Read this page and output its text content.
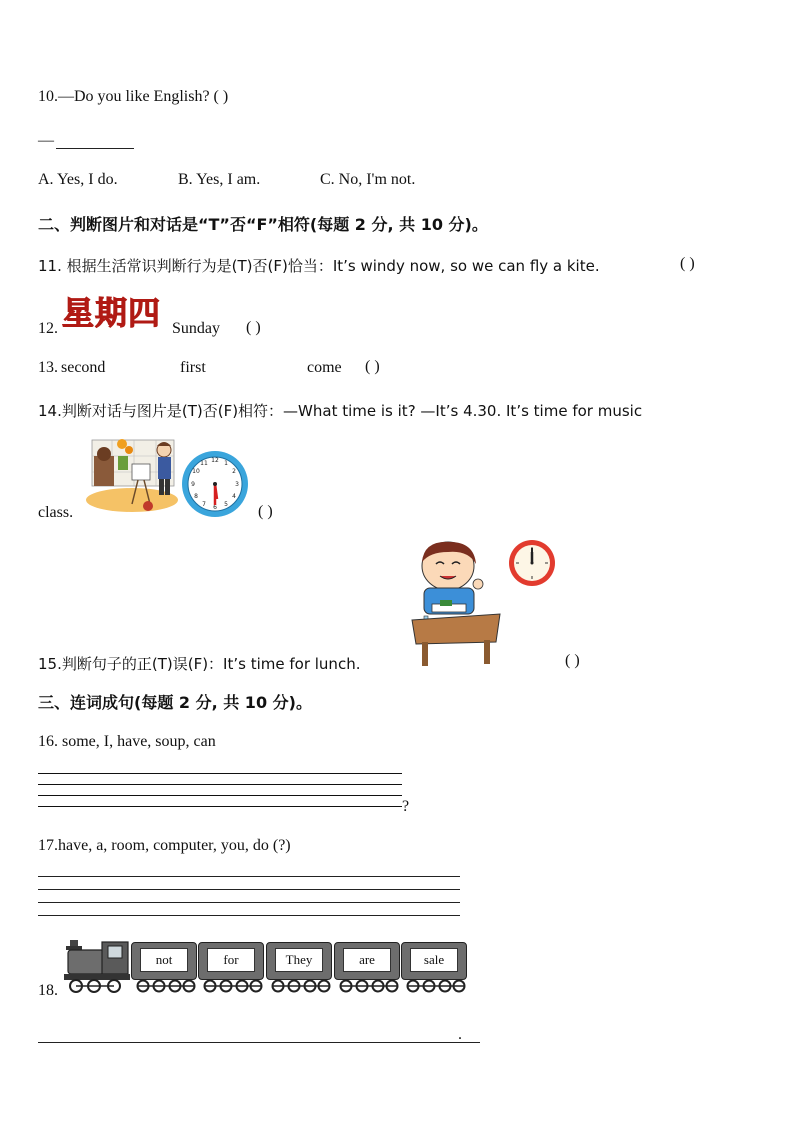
10.—Do you like English? ( )
—
A. Yes, I do.	B. Yes, I am.	C. No, I'm not.
二、判断图片和对话是“T”否“F”相符(每题 2 分, 共 10 分)。
11. 根据生活常识判断行为是(T)否(F)恰当：It’s windy now, so we can fly a kite.	( )
12. 星期四 Sunday ( )
13. second	first	come ( )
14.判断对话与图片是(T)否(F)相符：—What time is it? —It’s 4.30. It’s time for music
12 1
2
3
4
5
6
7
8
9
10
11
class.	( )
15.判断句子的正(T)误(F)：It’s time for lunch.	( )
三、连词成句(每题 2 分, 共 10 分)。
16. some, I, have, soup, can
?
17.have, a, room, computer, you, do (?)
18.
not	for	They	are	sale
.
